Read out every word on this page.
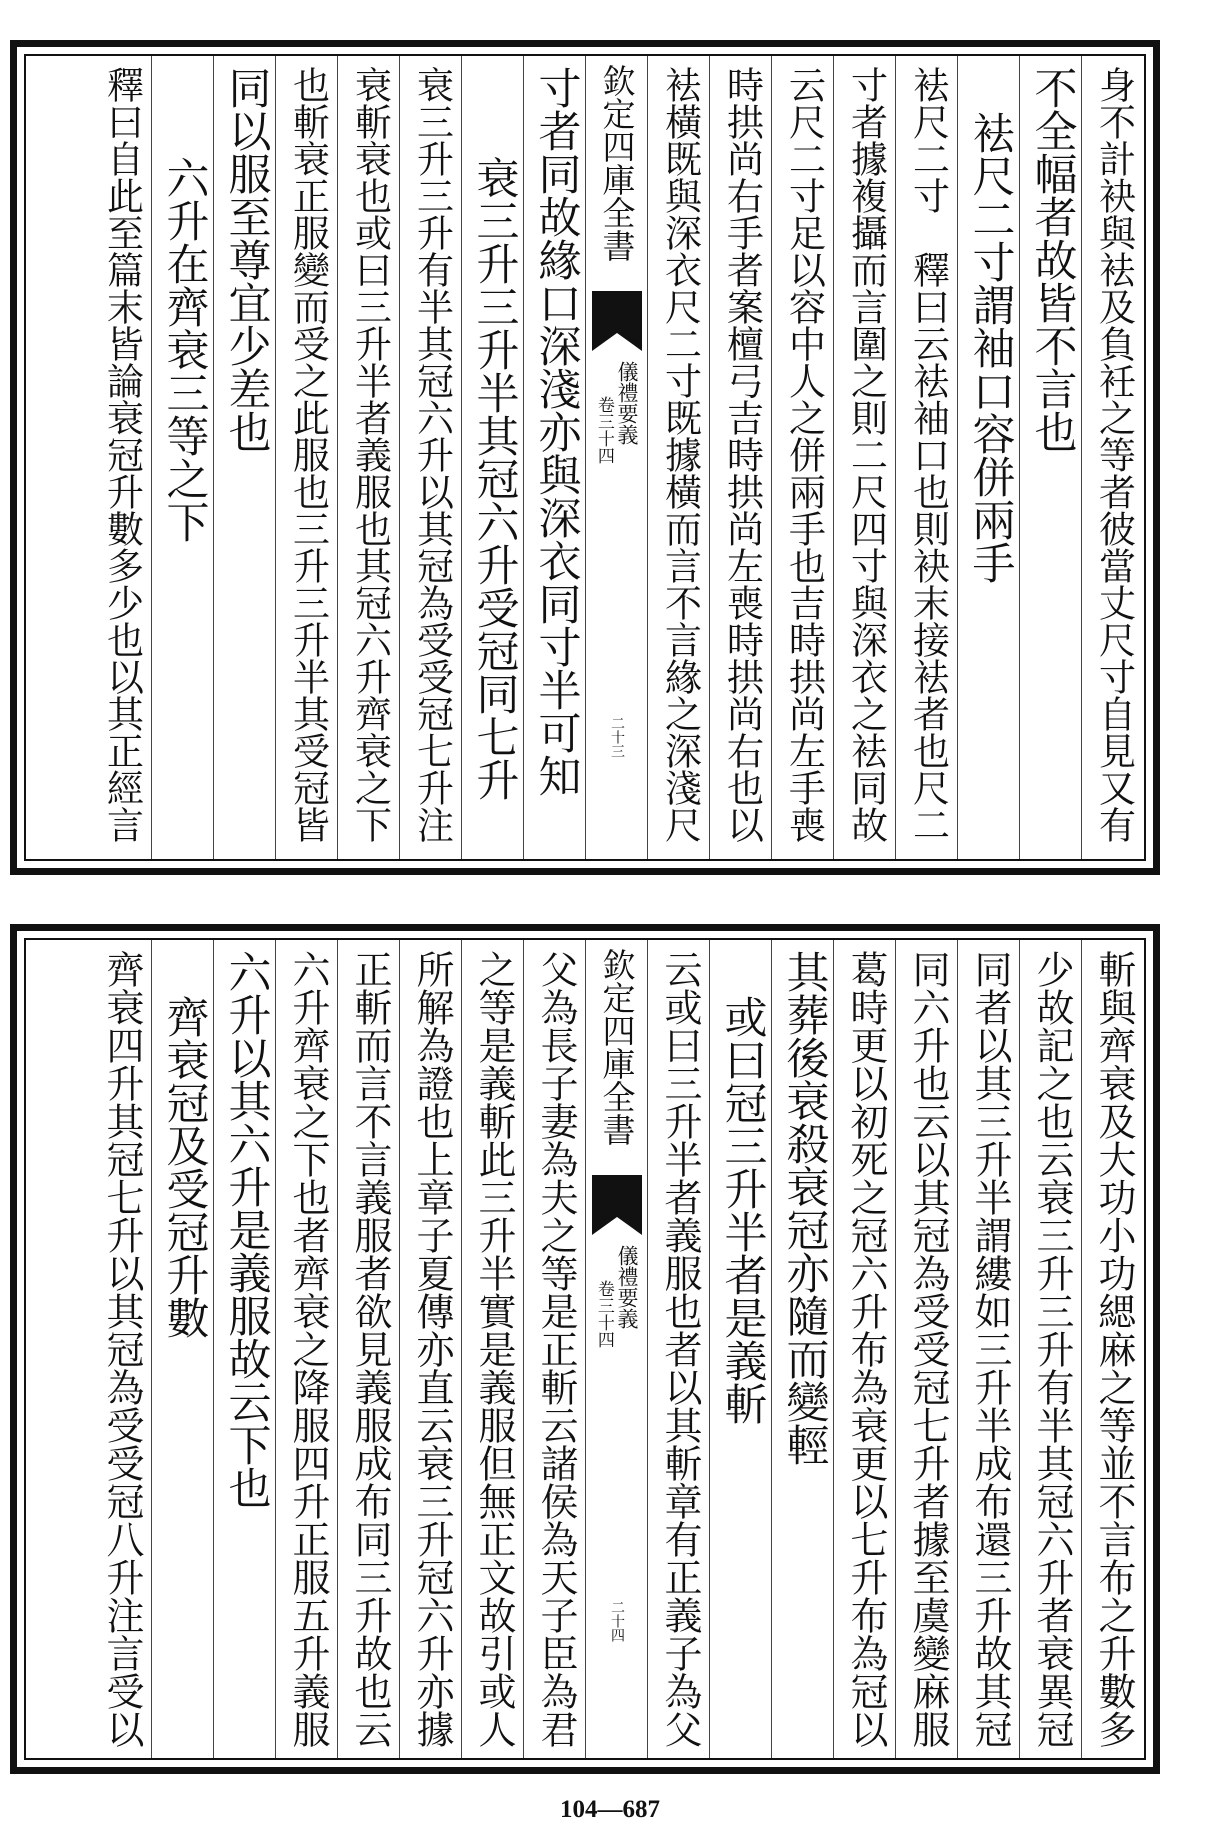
身不計袂與袪及負衽之等者彼當丈尺寸自見又有
不全幅者故皆不言也
袪尺二寸謂袖口容併兩手
袪尺二寸　釋曰云袪袖口也則袂末接袪者也尺二
寸者據複攝而言圍之則二尺四寸與深衣之袪同故
云尺二寸足以容中人之併兩手也吉時拱尚左手喪
時拱尚右手者案檀弓吉時拱尚左喪時拱尚右也以
袪橫既與深衣尺二寸既據橫而言不言緣之深淺尺
欽定四庫全書
儀禮要義
卷三十四
二十三
寸者同故緣口深淺亦與深衣同寸半可知
衰三升三升半其冠六升受冠同七升
衰三升三升有半其冠六升以其冠為受受冠七升注
衰斬衰也或曰三升半者義服也其冠六升齊衰之下
也斬衰正服變而受之此服也三升三升半其受冠皆
同以服至尊宜少差也
六升在齊衰三等之下
釋曰自此至篇末皆論衰冠升數多少也以其正經言
斬與齊衰及大功小功緦麻之等並不言布之升數多
少故記之也云衰三升三升有半其冠六升者衰異冠
同者以其三升半謂縷如三升半成布還三升故其冠
同六升也云以其冠為受受冠七升者據至虞變麻服
葛時更以初死之冠六升布為衰更以七升布為冠以
其葬後衰殺衰冠亦隨而變輕
或曰冠三升半者是義斬
云或曰三升半者義服也者以其斬章有正義子為父
欽定四庫全書
儀禮要義
卷三十四
二十四
父為長子妻為夫之等是正斬云諸侯為天子臣為君
之等是義斬此三升半實是義服但無正文故引或人
所解為證也上章子夏傳亦直云衰三升冠六升亦據
正斬而言不言義服者欲見義服成布同三升故也云
六升齊衰之下也者齊衰之降服四升正服五升義服
六升以其六升是義服故云下也
齊衰冠及受冠升數
齊衰四升其冠七升以其冠為受受冠八升注言受以
104—687
